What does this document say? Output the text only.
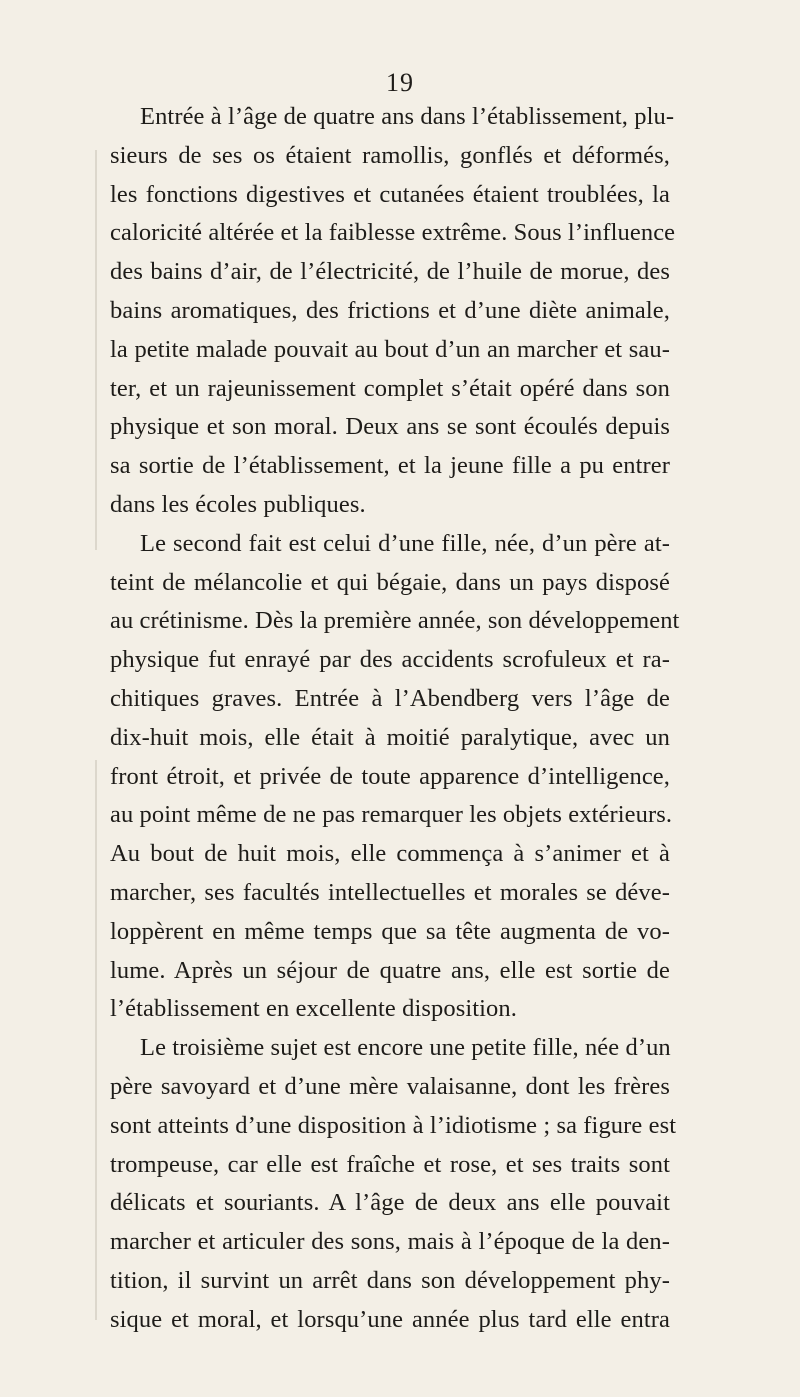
19
Entrée à l’âge de quatre ans dans l’établissement, plu-
sieurs de ses os étaient ramollis, gonflés et déformés,
les fonctions digestives et cutanées étaient troublées, la
caloricité altérée et la faiblesse extrême. Sous l’influence
des bains d’air, de l’électricité, de l’huile de morue, des
bains aromatiques, des frictions et d’une diète animale,
la petite malade pouvait au bout d’un an marcher et sau-
ter, et un rajeunissement complet s’était opéré dans son
physique et son moral. Deux ans se sont écoulés depuis
sa sortie de l’établissement, et la jeune fille a pu entrer
dans les écoles publiques.
Le second fait est celui d’une fille, née, d’un père at-
teint de mélancolie et qui bégaie, dans un pays disposé
au crétinisme. Dès la première année, son développement
physique fut enrayé par des accidents scrofuleux et ra-
chitiques graves. Entrée à l’Abendberg vers l’âge de
dix-huit mois, elle était à moitié paralytique, avec un
front étroit, et privée de toute apparence d’intelligence,
au point même de ne pas remarquer les objets extérieurs.
Au bout de huit mois, elle commença à s’animer et à
marcher, ses facultés intellectuelles et morales se déve-
loppèrent en même temps que sa tête augmenta de vo-
lume. Après un séjour de quatre ans, elle est sortie de
l’établissement en excellente disposition.
Le troisième sujet est encore une petite fille, née d’un
père savoyard et d’une mère valaisanne, dont les frères
sont atteints d’une disposition à l’idiotisme ; sa figure est
trompeuse, car elle est fraîche et rose, et ses traits sont
délicats et souriants. A l’âge de deux ans elle pouvait
marcher et articuler des sons, mais à l’époque de la den-
tition, il survint un arrêt dans son développement phy-
sique et moral, et lorsqu’une année plus tard elle entra
